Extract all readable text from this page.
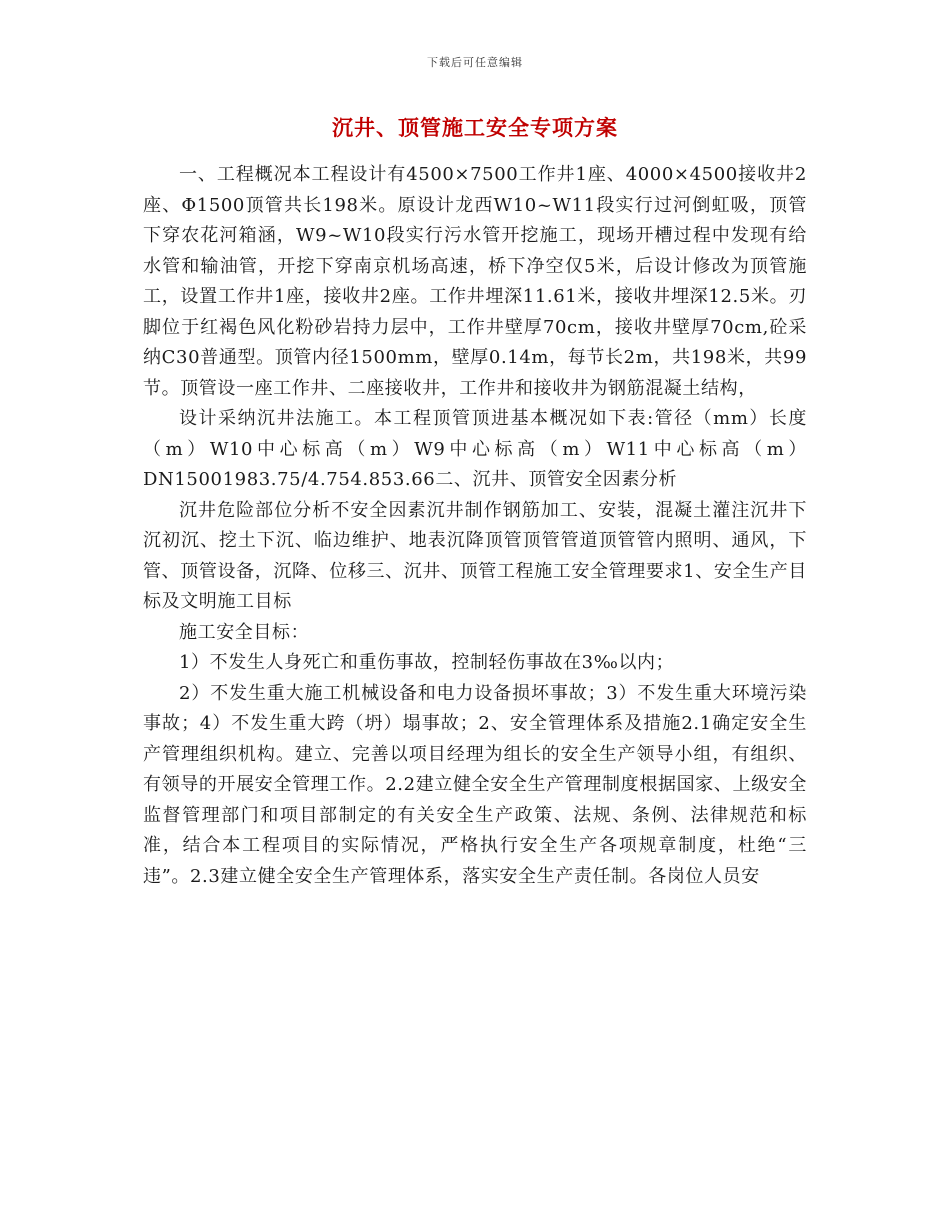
下载后可任意编辑
沉井、顶管施工安全专项方案

一、工程概况本工程设计有4500×7500工作井1座、4000×4500接收井2座、Φ1500顶管共长198米。原设计龙西W10~W11段实行过河倒虹吸，顶管下穿农花河箱涵，W9~W10段实行污水管开挖施工，现场开槽过程中发现有给水管和输油管，开挖下穿南京机场高速，桥下净空仅5米，后设计修改为顶管施工，设置工作井1座，接收井2座。工作井埋深11.61米，接收井埋深12.5米。刃脚位于红褐色风化粉砂岩持力层中，工作井壁厚70cm，接收井壁厚70cm,砼采纳C30普通型。顶管内径1500mm，壁厚0.14m，每节长2m，共198米，共99节。顶管设一座工作井、二座接收井，工作井和接收井为钢筋混凝土结构，

设计采纳沉井法施工。本工程顶管顶进基本概况如下表:管径（mm）长度（m）W10中心标高（m）W9中心标高（m）W11中心标高（m）DN15001983.75/4.754.853.66二、沉井、顶管安全因素分析

沉井危险部位分析不安全因素沉井制作钢筋加工、安装，混凝土灌注沉井下沉初沉、挖土下沉、临边维护、地表沉降顶管顶管管道顶管管内照明、通风，下管、顶管设备，沉降、位移三、沉井、顶管工程施工安全管理要求1、安全生产目标及文明施工目标

施工安全目标：

1）不发生人身死亡和重伤事故，控制轻伤事故在3‰以内；

2）不发生重大施工机械设备和电力设备损坏事故；3）不发生重大环境污染事故；4）不发生重大跨（坍）塌事故；2、安全管理体系及措施2.1确定安全生产管理组织机构。建立、完善以项目经理为组长的安全生产领导小组，有组织、有领导的开展安全管理工作。2.2建立健全安全生产管理制度根据国家、上级安全监督管理部门和项目部制定的有关安全生产政策、法规、条例、法律规范和标准，结合本工程项目的实际情况，严格执行安全生产各项规章制度，杜绝“三违”。2.3建立健全安全生产管理体系，落实安全生产责任制。各岗位人员安
